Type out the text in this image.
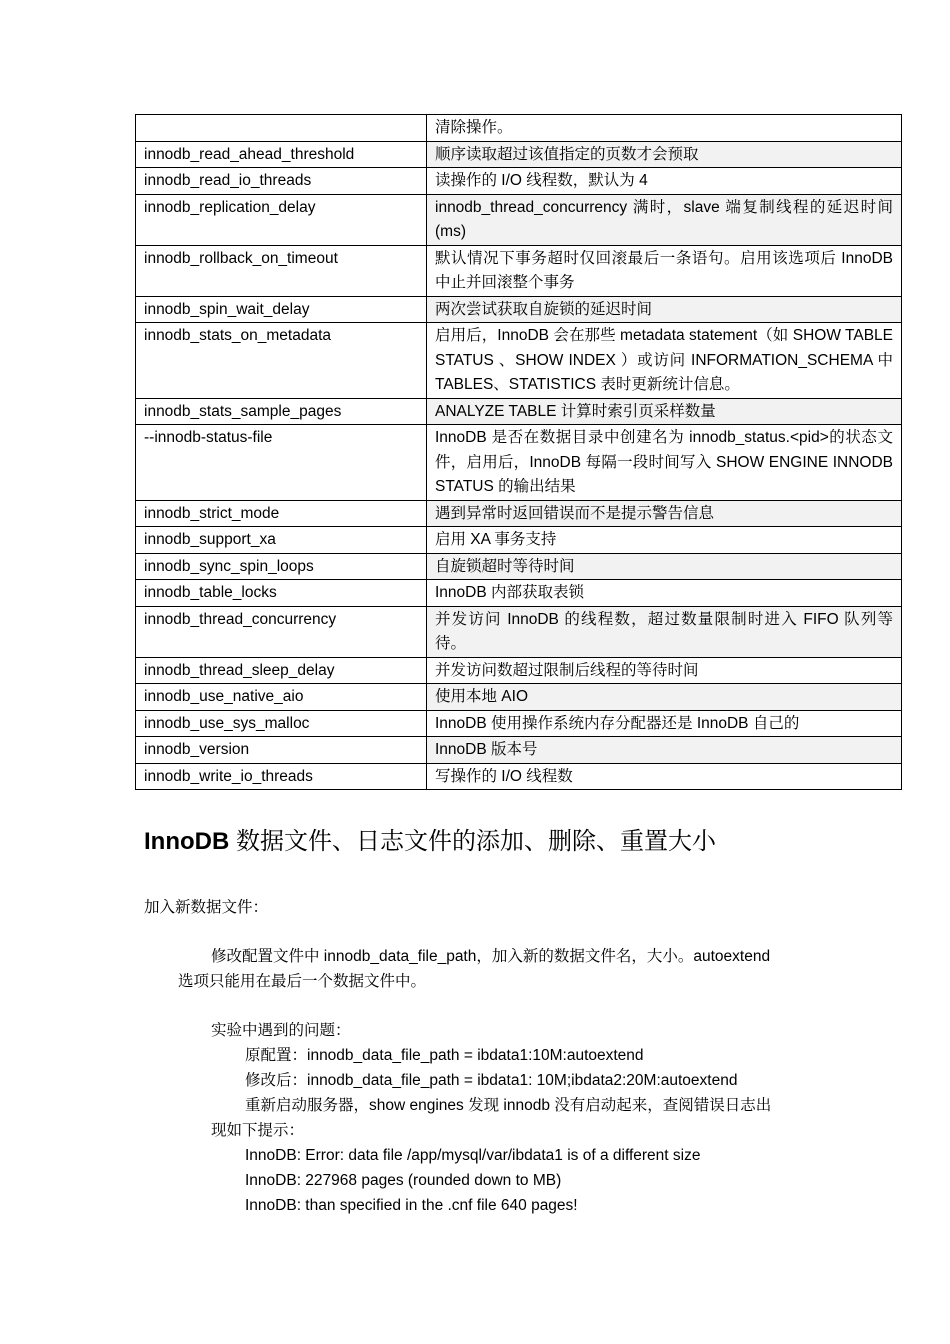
	清除操作。
innodb_read_ahead_threshold	顺序读取超过该值指定的页数才会预取
innodb_read_io_threads	读操作的 I/O 线程数，默认为 4
innodb_replication_delay	innodb_thread_concurrency 满时，slave 端复制线程的延迟时间(ms)
innodb_rollback_on_timeout	默认情况下事务超时仅回滚最后一条语句。启用该选项后 InnoDB 中止并回滚整个事务
innodb_spin_wait_delay	两次尝试获取自旋锁的延迟时间
innodb_stats_on_metadata	启用后，InnoDB 会在那些 metadata statement（如 SHOW TABLE STATUS 、SHOW INDEX ）或访问 INFORMATION_SCHEMA 中 TABLES、STATISTICS 表时更新统计信息。
innodb_stats_sample_pages	ANALYZE TABLE 计算时索引页采样数量
--innodb-status-file	InnoDB 是否在数据目录中创建名为 innodb_status.<pid>的状态文件，启用后，InnoDB 每隔一段时间写入 SHOW ENGINE INNODB STATUS 的输出结果
innodb_strict_mode	遇到异常时返回错误而不是提示警告信息
innodb_support_xa	启用 XA 事务支持
innodb_sync_spin_loops	自旋锁超时等待时间
innodb_table_locks	InnoDB 内部获取表锁
innodb_thread_concurrency	并发访问 InnoDB 的线程数，超过数量限制时进入 FIFO 队列等待。
innodb_thread_sleep_delay	并发访问数超过限制后线程的等待时间
innodb_use_native_aio	使用本地 AIO
innodb_use_sys_malloc	InnoDB 使用操作系统内存分配器还是 InnoDB 自己的
innodb_version	InnoDB 版本号
innodb_write_io_threads	写操作的 I/O 线程数
InnoDB 数据文件、日志文件的添加、删除、重置大小

加入新数据文件：

修改配置文件中 innodb_data_file_path，加入新的数据文件名，大小。autoextend

选项只能用在最后一个数据文件中。

实验中遇到的问题：

原配置：innodb_data_file_path = ibdata1:10M:autoextend

修改后：innodb_data_file_path = ibdata1: 10M;ibdata2:20M:autoextend

重新启动服务器，show engines 发现 innodb 没有启动起来，查阅错误日志出

现如下提示：

InnoDB: Error: data file /app/mysql/var/ibdata1 is of a different size

InnoDB: 227968 pages (rounded down to MB)

InnoDB: than specified in the .cnf file 640 pages!
